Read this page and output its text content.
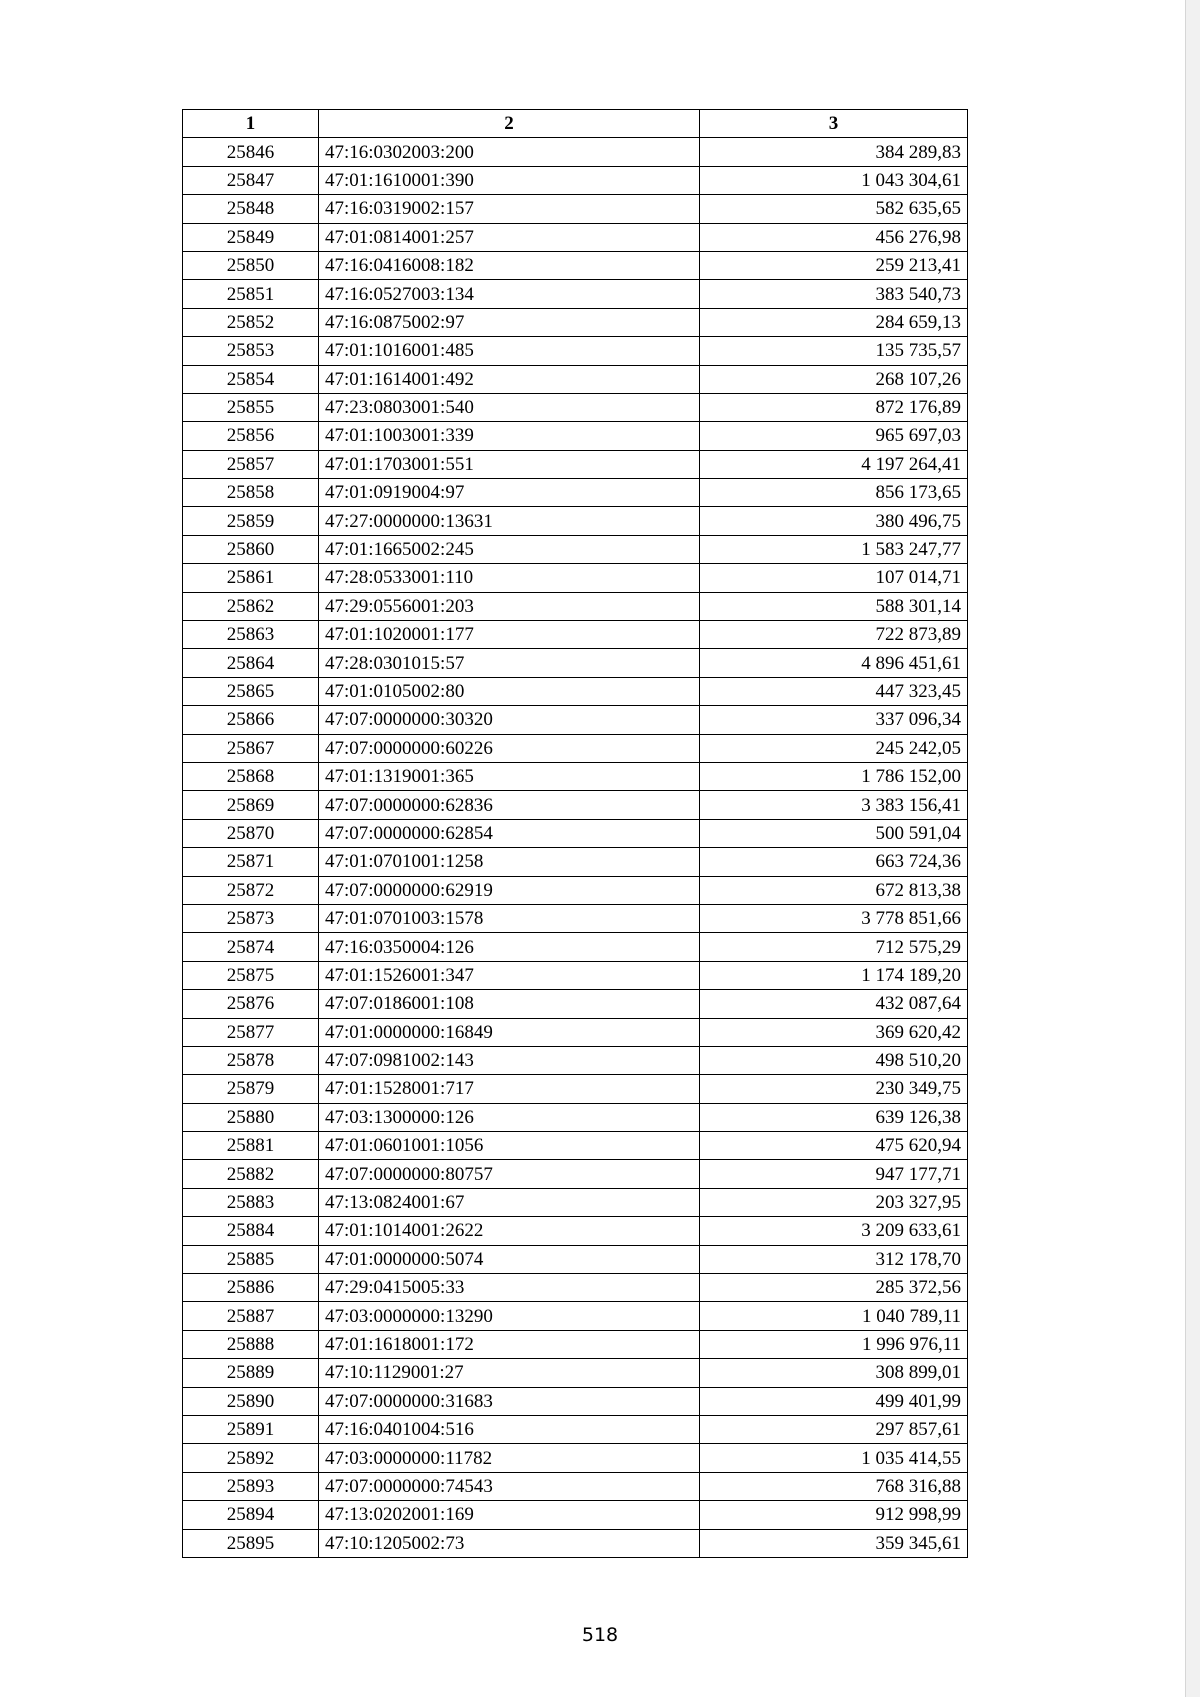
1	2	3
25846	47:16:0302003:200	384 289,83
25847	47:01:1610001:390	1 043 304,61
25848	47:16:0319002:157	582 635,65
25849	47:01:0814001:257	456 276,98
25850	47:16:0416008:182	259 213,41
25851	47:16:0527003:134	383 540,73
25852	47:16:0875002:97	284 659,13
25853	47:01:1016001:485	135 735,57
25854	47:01:1614001:492	268 107,26
25855	47:23:0803001:540	872 176,89
25856	47:01:1003001:339	965 697,03
25857	47:01:1703001:551	4 197 264,41
25858	47:01:0919004:97	856 173,65
25859	47:27:0000000:13631	380 496,75
25860	47:01:1665002:245	1 583 247,77
25861	47:28:0533001:110	107 014,71
25862	47:29:0556001:203	588 301,14
25863	47:01:1020001:177	722 873,89
25864	47:28:0301015:57	4 896 451,61
25865	47:01:0105002:80	447 323,45
25866	47:07:0000000:30320	337 096,34
25867	47:07:0000000:60226	245 242,05
25868	47:01:1319001:365	1 786 152,00
25869	47:07:0000000:62836	3 383 156,41
25870	47:07:0000000:62854	500 591,04
25871	47:01:0701001:1258	663 724,36
25872	47:07:0000000:62919	672 813,38
25873	47:01:0701003:1578	3 778 851,66
25874	47:16:0350004:126	712 575,29
25875	47:01:1526001:347	1 174 189,20
25876	47:07:0186001:108	432 087,64
25877	47:01:0000000:16849	369 620,42
25878	47:07:0981002:143	498 510,20
25879	47:01:1528001:717	230 349,75
25880	47:03:1300000:126	639 126,38
25881	47:01:0601001:1056	475 620,94
25882	47:07:0000000:80757	947 177,71
25883	47:13:0824001:67	203 327,95
25884	47:01:1014001:2622	3 209 633,61
25885	47:01:0000000:5074	312 178,70
25886	47:29:0415005:33	285 372,56
25887	47:03:0000000:13290	1 040 789,11
25888	47:01:1618001:172	1 996 976,11
25889	47:10:1129001:27	308 899,01
25890	47:07:0000000:31683	499 401,99
25891	47:16:0401004:516	297 857,61
25892	47:03:0000000:11782	1 035 414,55
25893	47:07:0000000:74543	768 316,88
25894	47:13:0202001:169	912 998,99
25895	47:10:1205002:73	359 345,61
518
